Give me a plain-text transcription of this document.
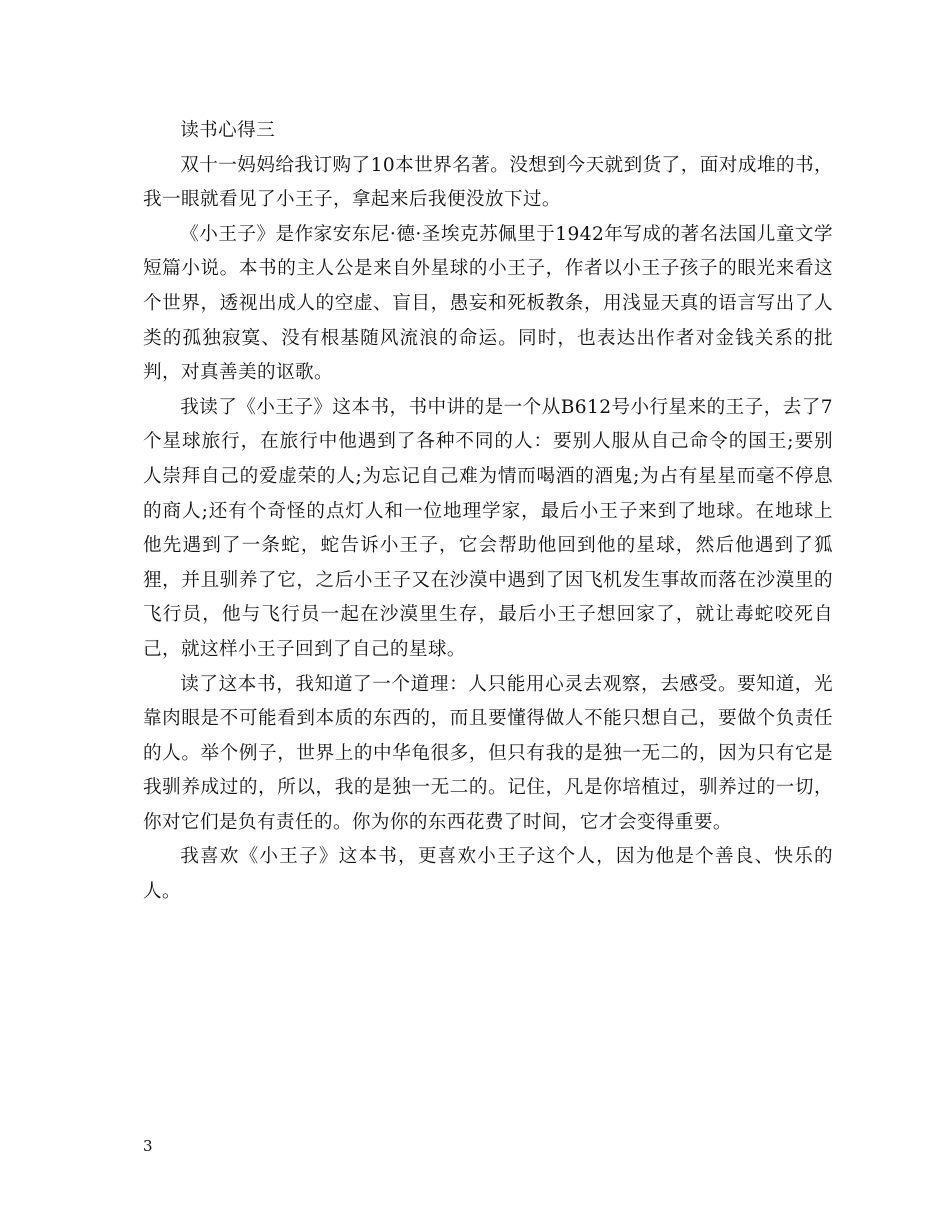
读书心得三

双十一妈妈给我订购了10本世界名著。没想到今天就到货了，面对成堆的书，我一眼就看见了小王子，拿起来后我便没放下过。

《小王子》是作家安东尼·德·圣埃克苏佩里于1942年写成的著名法国儿童文学短篇小说。本书的主人公是来自外星球的小王子，作者以小王子孩子的眼光来看这个世界，透视出成人的空虚、盲目，愚妄和死板教条，用浅显天真的语言写出了人类的孤独寂寞、没有根基随风流浪的命运。同时，也表达出作者对金钱关系的批判，对真善美的讴歌。

我读了《小王子》这本书，书中讲的是一个从B612号小行星来的王子，去了7个星球旅行，在旅行中他遇到了各种不同的人：要别人服从自己命令的国王;要别人崇拜自己的爱虚荣的人;为忘记自己难为情而喝酒的酒鬼;为占有星星而毫不停息的商人;还有个奇怪的点灯人和一位地理学家，最后小王子来到了地球。在地球上他先遇到了一条蛇，蛇告诉小王子，它会帮助他回到他的星球，然后他遇到了狐狸，并且驯养了它，之后小王子又在沙漠中遇到了因飞机发生事故而落在沙漠里的飞行员，他与飞行员一起在沙漠里生存，最后小王子想回家了，就让毒蛇咬死自己，就这样小王子回到了自己的星球。

读了这本书，我知道了一个道理：人只能用心灵去观察，去感受。要知道，光靠肉眼是不可能看到本质的东西的，而且要懂得做人不能只想自己，要做个负责任的人。举个例子，世界上的中华龟很多，但只有我的是独一无二的，因为只有它是我驯养成过的，所以，我的是独一无二的。记住，凡是你培植过，驯养过的一切，你对它们是负有责任的。你为你的东西花费了时间，它才会变得重要。

我喜欢《小王子》这本书，更喜欢小王子这个人，因为他是个善良、快乐的人。

3
